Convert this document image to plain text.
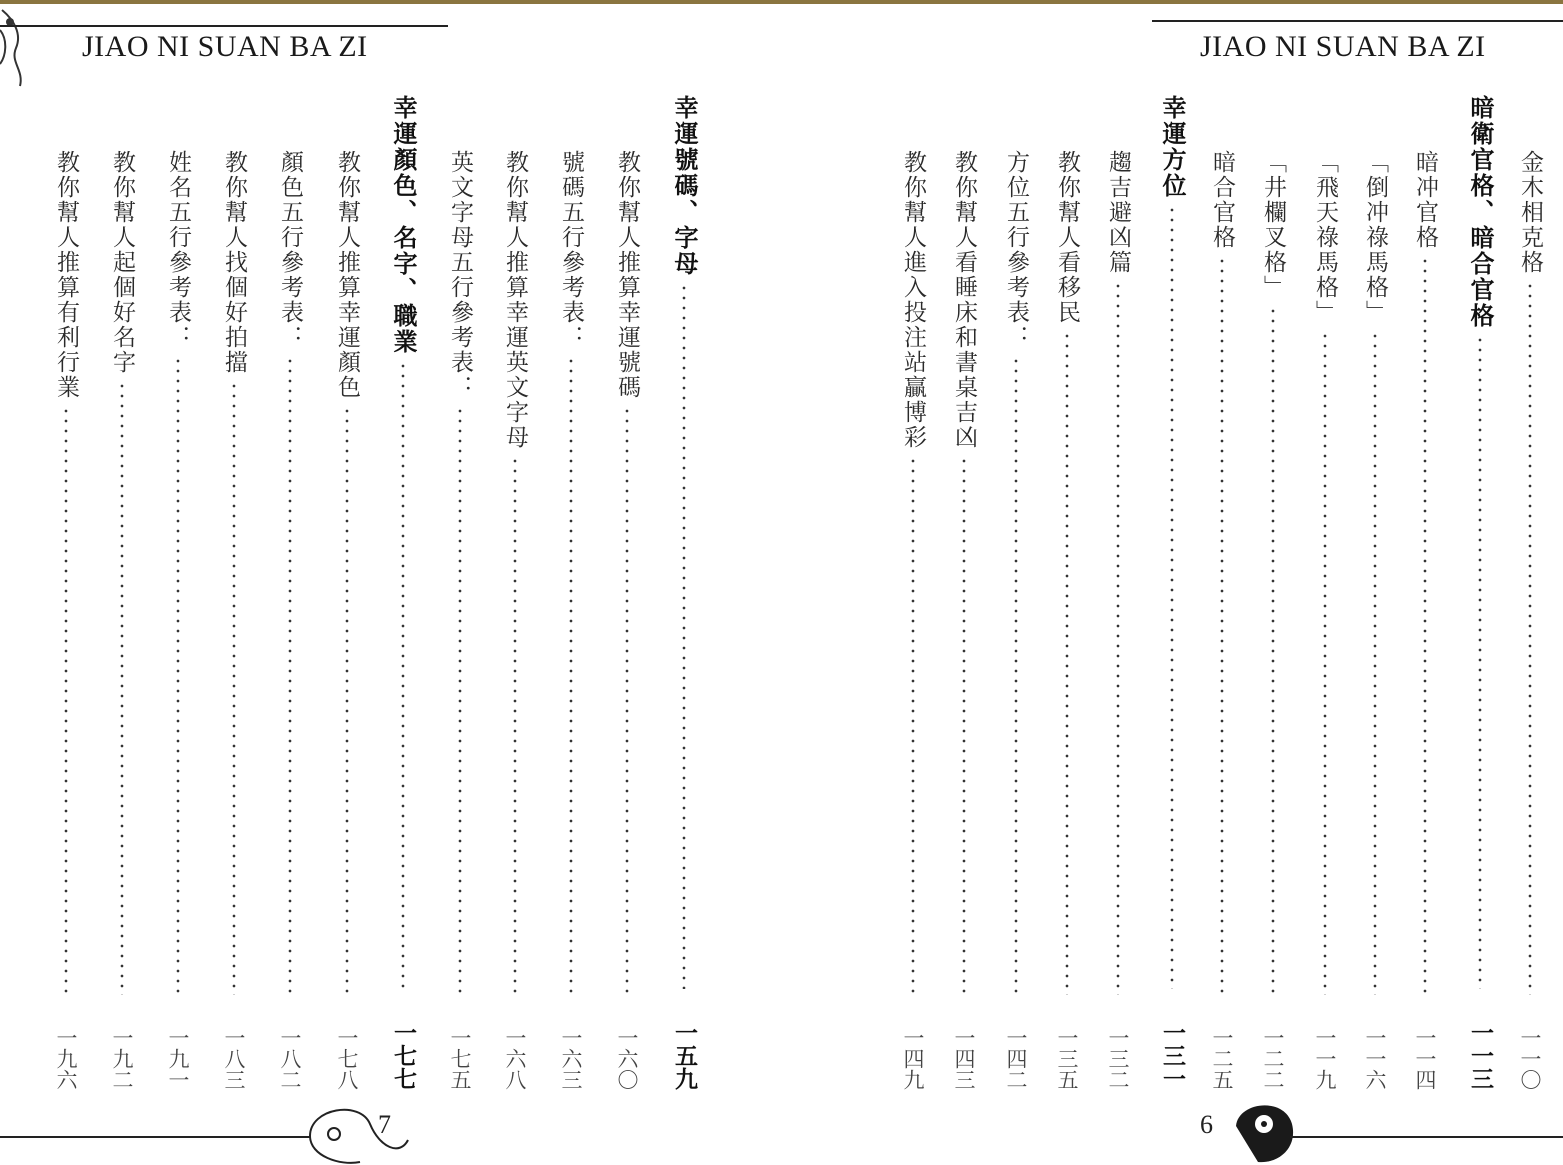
JIAO NI SUAN BA ZI	JIAO NI SUAN BA ZI
幸運號碼、字母
一五九
教你幫人推算幸運號碼
一六〇
號碼五行參考表：
一六三
教你幫人推算幸運英文字母
一六八
英文字母五行參考表：
一七五
幸運顏色、名字、職業
一七七
教你幫人推算幸運顏色
一七八
顏色五行參考表：
一八二
教你幫人找個好拍擋
一八三
姓名五行參考表：
一九一
教你幫人起個好名字
一九二
教你幫人推算有利行業
一九六
金木相克格
一一〇
暗衛官格、暗合官格
一一三
暗冲官格
一一四
「倒冲祿馬格」
一一六
「飛天祿馬格」
一一九
「井欄叉格」
一二二
暗合官格
一二五
幸運方位
一三一
趨吉避凶篇
一三二
教你幫人看移民
一三五
方位五行參考表：
一四二
教你幫人看睡床和書桌吉凶
一四三
教你幫人進入投注站贏博彩
一四九
7	6
